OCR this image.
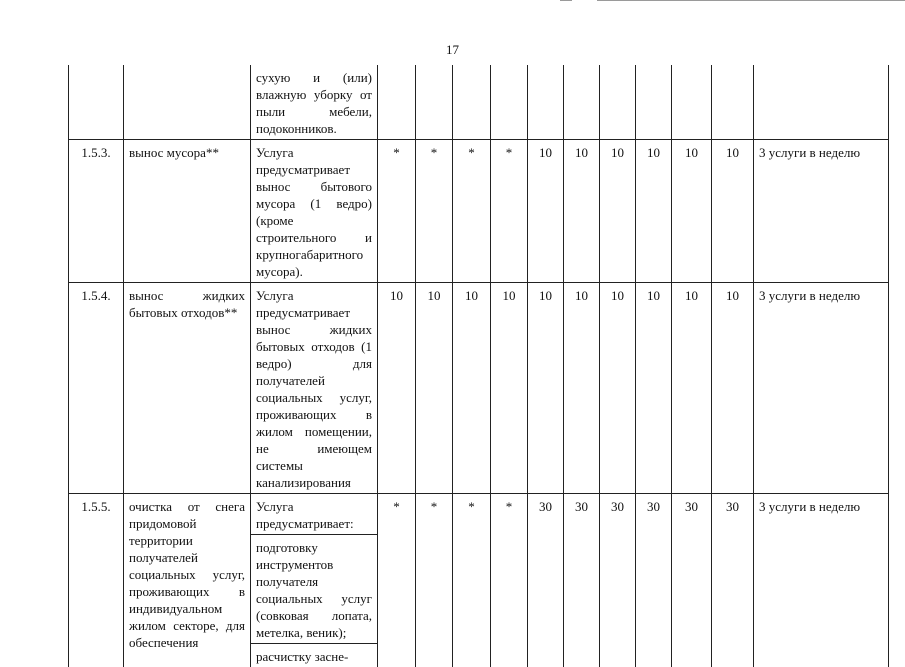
17

		сухую и (или) влажную уборку от пыли мебели, подоконников.											

1.5.3.	вынос мусора**	Услуга предусматривает вынос бытового мусора (1 ведро) (кроме строительного и крупногабаритного мусора).	*	*	*	*	10	10	10	10	10	10	3 услуги в неделю
1.5.4.	вынос жидких бытовых отходов**	Услуга предусматривает вынос жидких бытовых отходов (1 ведро) для получателей социальных услуг, проживающих в жилом помещении, не имеющем системы канализирования	10	10	10	10	10	10	10	10	10	10	3 услуги в неделю
1.5.5.	очистка от снега придомовой территории получателей социальных услуг, проживающих в индивидуальном жилом секторе, для обеспечения	Услуга предусматривает:
подготовку инструментов получателя социальных услуг (совковая лопата, метелка, веник);
расчистку засне-	*	*	*	*	30	30	30	30	30	30	3 услуги в неделю
